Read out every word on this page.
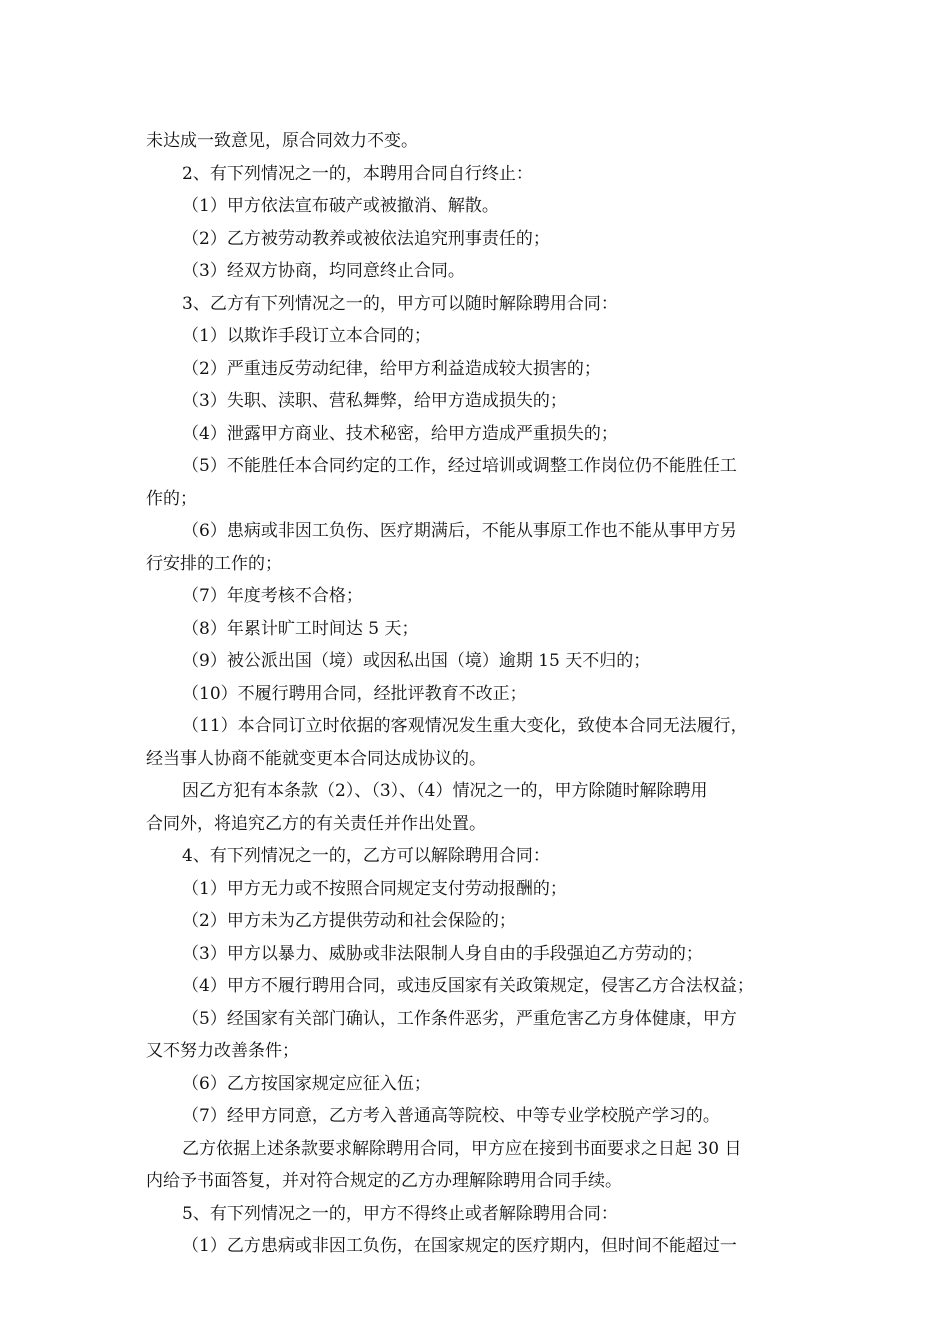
未达成一致意见，原合同效力不变。
2、有下列情况之一的，本聘用合同自行终止：
（1）甲方依法宣布破产或被撤消、解散。
（2）乙方被劳动教养或被依法追究刑事责任的；
（3）经双方协商，均同意终止合同。
3、乙方有下列情况之一的，甲方可以随时解除聘用合同：
（1）以欺诈手段订立本合同的；
（2）严重违反劳动纪律，给甲方利益造成较大损害的；
（3）失职、渎职、营私舞弊，给甲方造成损失的；
（4）泄露甲方商业、技术秘密，给甲方造成严重损失的；
（5）不能胜任本合同约定的工作，经过培训或调整工作岗位仍不能胜任工
作的；
（6）患病或非因工负伤、医疗期满后，不能从事原工作也不能从事甲方另
行安排的工作的；
（7）年度考核不合格；
（8）年累计旷工时间达 5 天；
（9）被公派出国（境）或因私出国（境）逾期 15 天不归的；
（10）不履行聘用合同，经批评教育不改正；
（11）本合同订立时依据的客观情况发生重大变化，致使本合同无法履行，
经当事人协商不能就变更本合同达成协议的。
因乙方犯有本条款（2）、（3）、（4）情况之一的，甲方除随时解除聘用
合同外，将追究乙方的有关责任并作出处置。
4、有下列情况之一的，乙方可以解除聘用合同：
（1）甲方无力或不按照合同规定支付劳动报酬的；
（2）甲方未为乙方提供劳动和社会保险的；
（3）甲方以暴力、威胁或非法限制人身自由的手段强迫乙方劳动的；
（4）甲方不履行聘用合同，或违反国家有关政策规定，侵害乙方合法权益；
（5）经国家有关部门确认，工作条件恶劣，严重危害乙方身体健康，甲方
又不努力改善条件；
（6）乙方按国家规定应征入伍；
（7）经甲方同意，乙方考入普通高等院校、中等专业学校脱产学习的。
乙方依据上述条款要求解除聘用合同，甲方应在接到书面要求之日起 30 日
内给予书面答复，并对符合规定的乙方办理解除聘用合同手续。
5、有下列情况之一的，甲方不得终止或者解除聘用合同：
（1）乙方患病或非因工负伤，在国家规定的医疗期内，但时间不能超过一
